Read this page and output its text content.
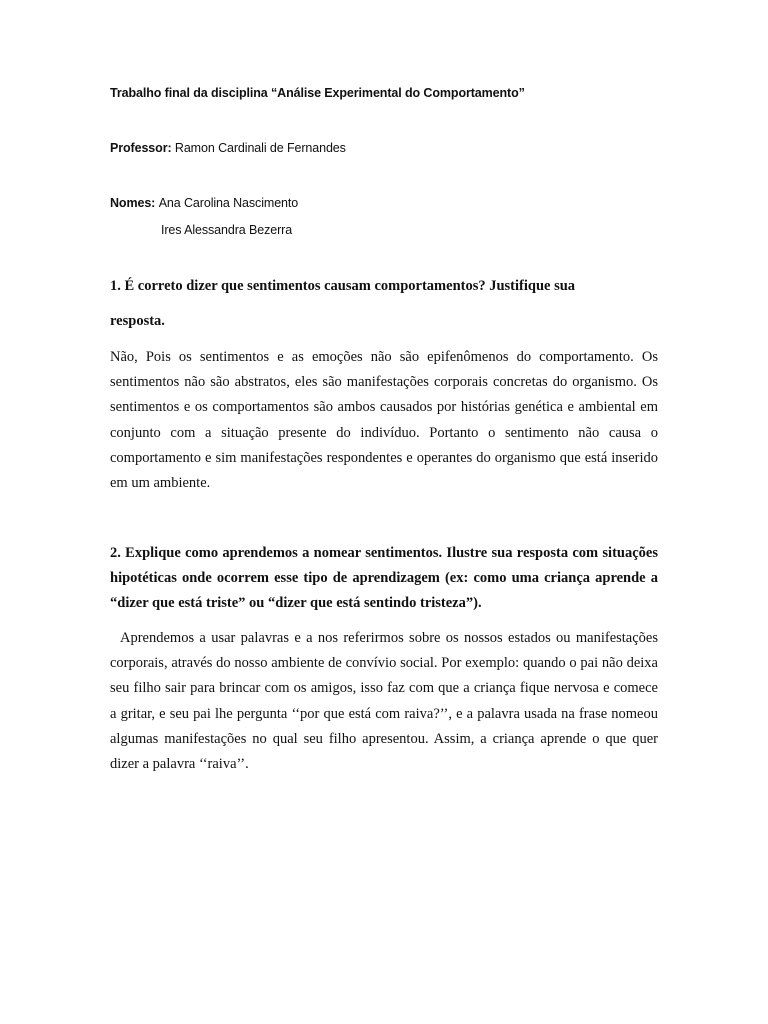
Trabalho final da disciplina “Análise Experimental do Comportamento”
Professor: Ramon Cardinali de Fernandes
Nomes: Ana Carolina Nascimento
Ires Alessandra Bezerra
1. É correto dizer que sentimentos causam comportamentos? Justifique sua
resposta.
Não, Pois os sentimentos e as emoções não são epifenômenos do comportamento. Os sentimentos não são abstratos, eles são manifestações corporais concretas do organismo. Os sentimentos e os comportamentos são ambos causados por histórias genética e ambiental em conjunto com a situação presente do indivíduo. Portanto o sentimento não causa o comportamento e sim manifestações respondentes e operantes do organismo que está inserido em um ambiente.
2. Explique como aprendemos a nomear sentimentos. Ilustre sua resposta com situações hipotéticas onde ocorrem esse tipo de aprendizagem (ex: como uma criança aprende a “dizer que está triste” ou “dizer que está sentindo tristeza”).
Aprendemos a usar palavras e a nos referirmos sobre os nossos estados ou manifestações corporais, através do nosso ambiente de convívio social. Por exemplo: quando o pai não deixa seu filho sair para brincar com os amigos, isso faz com que a criança fique nervosa e comece a gritar, e seu pai lhe pergunta ‘‘por que está com raiva?’’, e a palavra usada na frase nomeou algumas manifestações no qual seu filho apresentou. Assim, a criança aprende o que quer dizer a palavra ‘‘raiva’’.
